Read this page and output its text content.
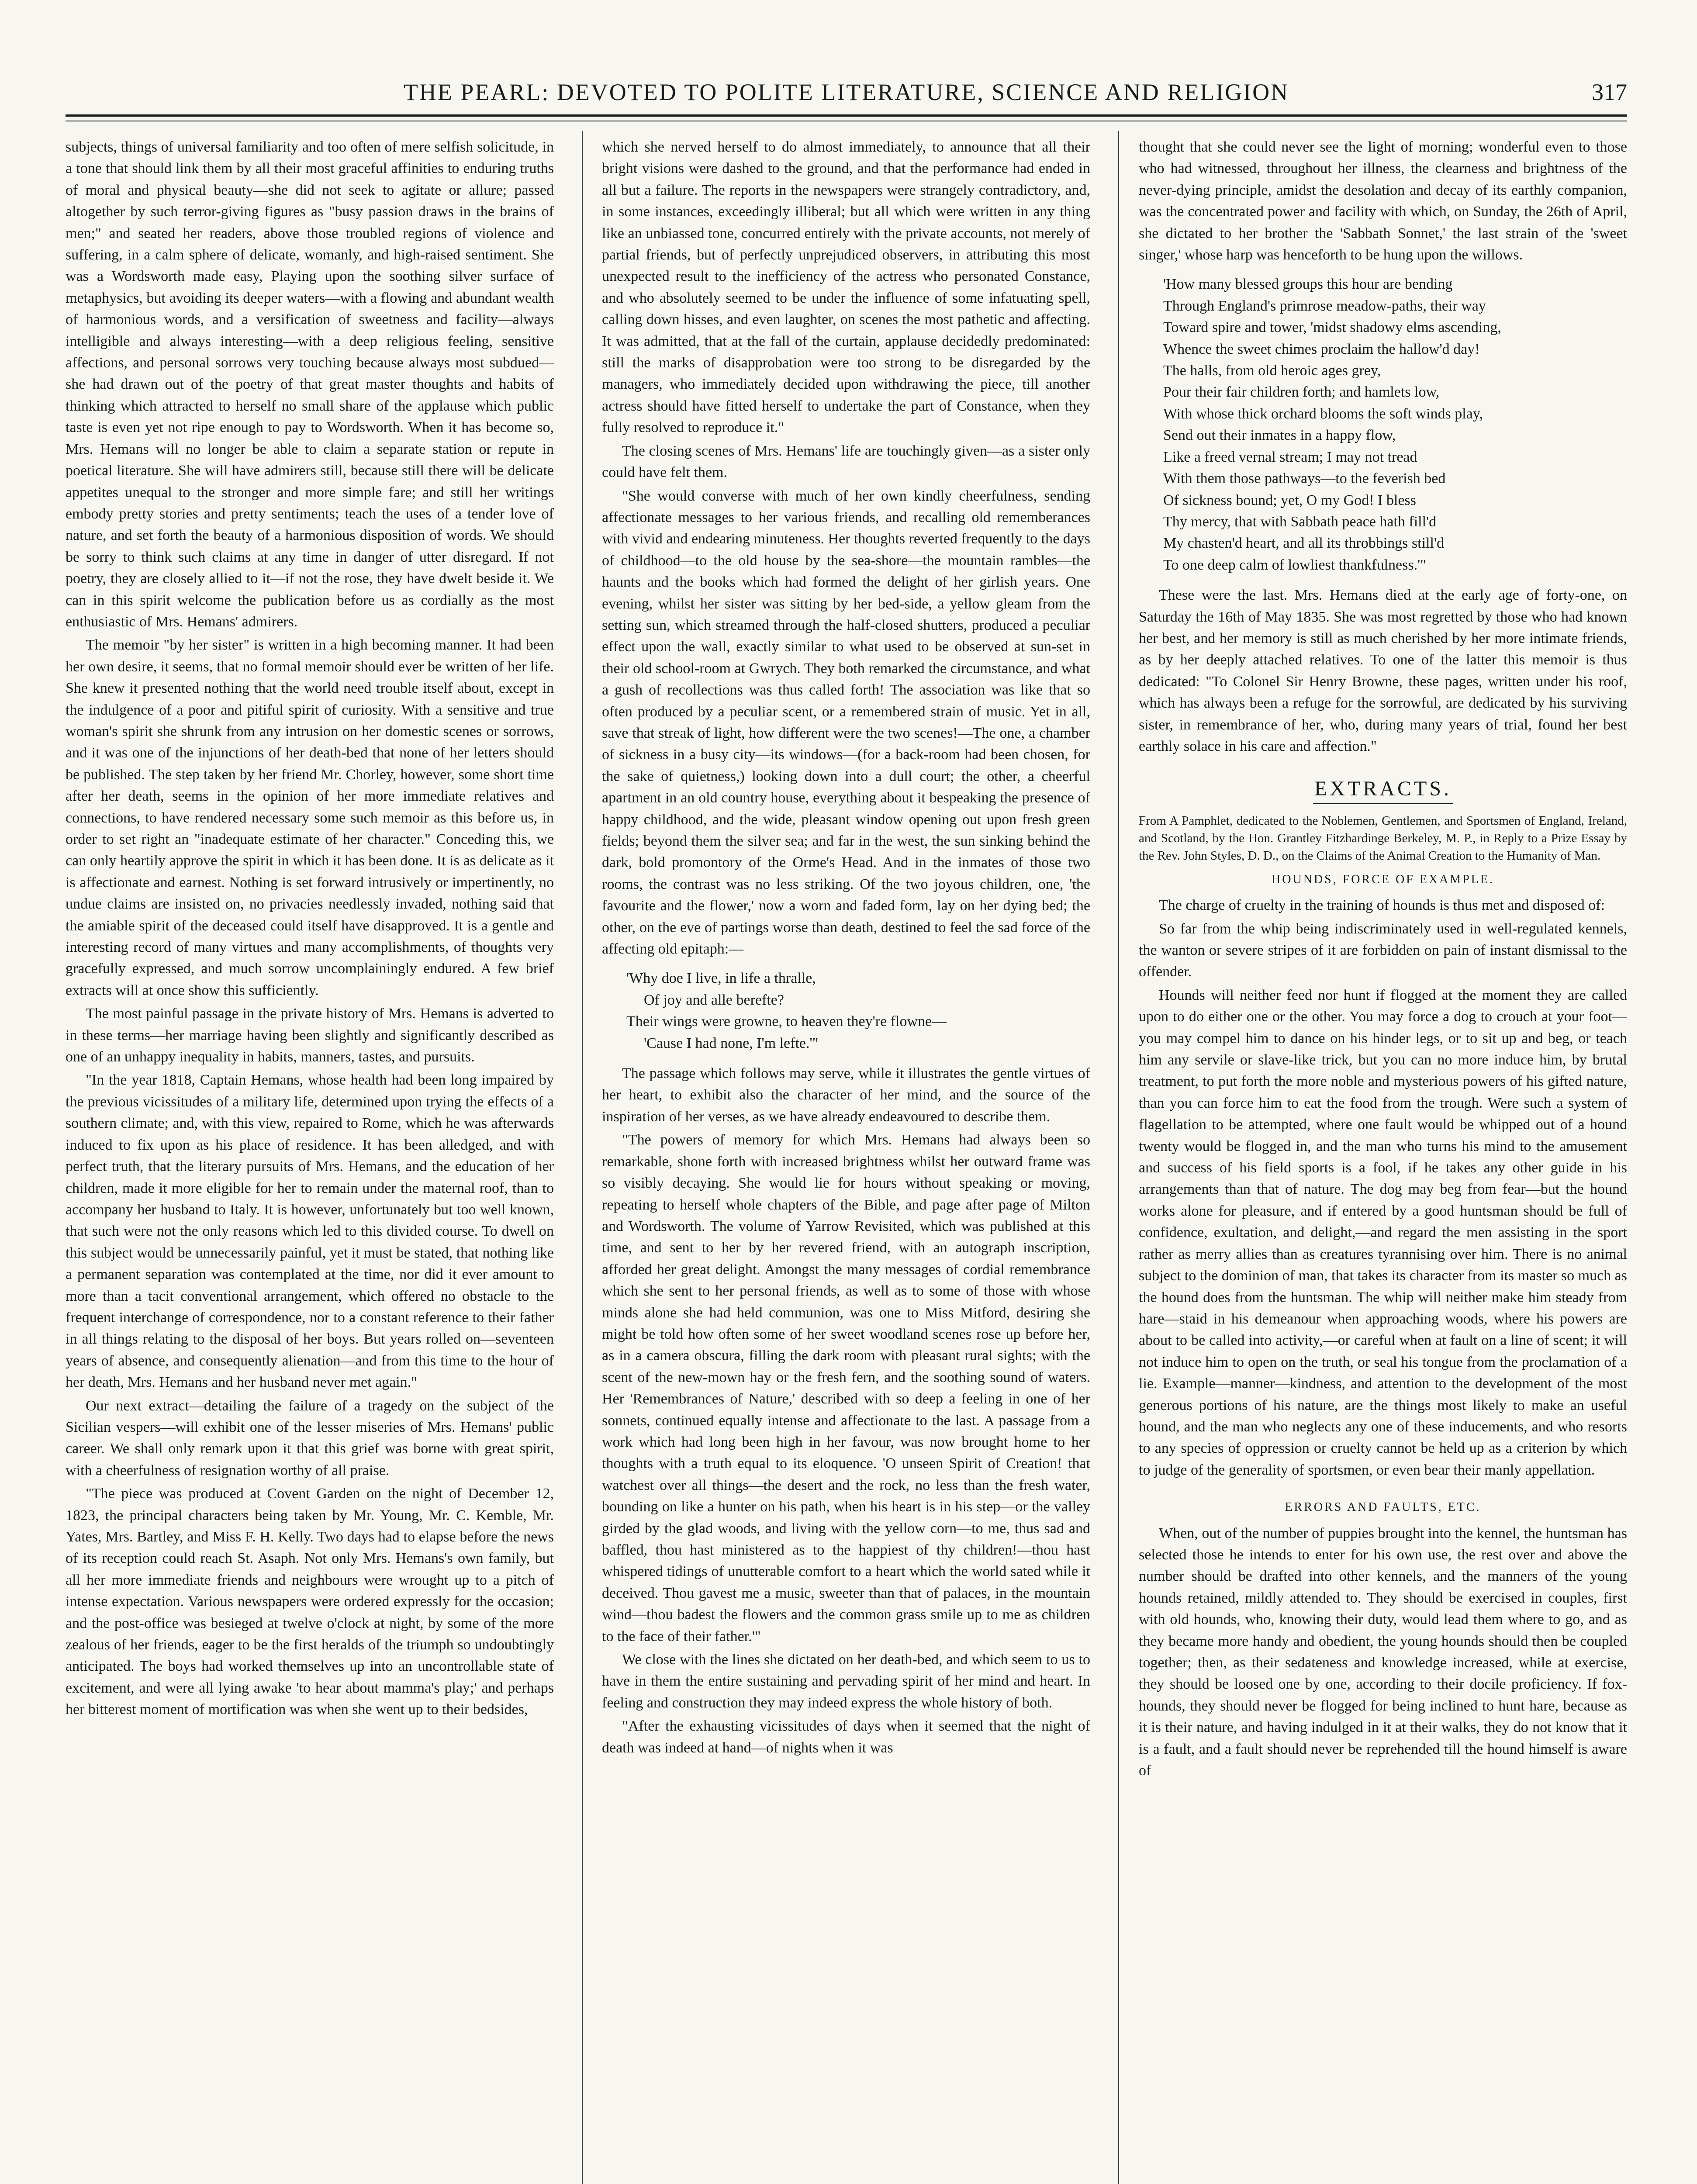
THE PEARL: DEVOTED TO POLITE LITERATURE, SCIENCE AND RELIGION	317

subjects, things of universal familiarity and too often of mere selfish solicitude, in a tone that should link them by all their most graceful affinities to enduring truths of moral and physical beauty—she did not seek to agitate or allure; passed altogether by such terror-giving figures as "busy passion draws in the brains of men;" and seated her readers, above those troubled regions of violence and suffering, in a calm sphere of delicate, womanly, and high-raised sentiment. She was a Wordsworth made easy, Playing upon the soothing silver surface of metaphysics, but avoiding its deeper waters—with a flowing and abundant wealth of harmonious words, and a versification of sweetness and facility—always intelligible and always interesting—with a deep religious feeling, sensitive affections, and personal sorrows very touching because always most subdued—she had drawn out of the poetry of that great master thoughts and habits of thinking which attracted to herself no small share of the applause which public taste is even yet not ripe enough to pay to Wordsworth. When it has become so, Mrs. Hemans will no longer be able to claim a separate station or repute in poetical literature. She will have admirers still, because still there will be delicate appetites unequal to the stronger and more simple fare; and still her writings embody pretty stories and pretty sentiments; teach the uses of a tender love of nature, and set forth the beauty of a harmonious disposition of words. We should be sorry to think such claims at any time in danger of utter disregard. If not poetry, they are closely allied to it—if not the rose, they have dwelt beside it. We can in this spirit welcome the publication before us as cordially as the most enthusiastic of Mrs. Hemans' admirers.

The memoir "by her sister" is written in a high becoming manner. It had been her own desire, it seems, that no formal memoir should ever be written of her life. She knew it presented nothing that the world need trouble itself about, except in the indulgence of a poor and pitiful spirit of curiosity. With a sensitive and true woman's spirit she shrunk from any intrusion on her domestic scenes or sorrows, and it was one of the injunctions of her death-bed that none of her letters should be published. The step taken by her friend Mr. Chorley, however, some short time after her death, seems in the opinion of her more immediate relatives and connections, to have rendered necessary some such memoir as this before us, in order to set right an "inadequate estimate of her character." Conceding this, we can only heartily approve the spirit in which it has been done. It is as delicate as it is affectionate and earnest. Nothing is set forward intrusively or impertinently, no undue claims are insisted on, no privacies needlessly invaded, nothing said that the amiable spirit of the deceased could itself have disapproved. It is a gentle and interesting record of many virtues and many accomplishments, of thoughts very gracefully expressed, and much sorrow uncomplainingly endured. A few brief extracts will at once show this sufficiently.

The most painful passage in the private history of Mrs. Hemans is adverted to in these terms—her marriage having been slightly and significantly described as one of an unhappy inequality in habits, manners, tastes, and pursuits.

"In the year 1818, Captain Hemans, whose health had been long impaired by the previous vicissitudes of a military life, determined upon trying the effects of a southern climate; and, with this view, repaired to Rome, which he was afterwards induced to fix upon as his place of residence. It has been alledged, and with perfect truth, that the literary pursuits of Mrs. Hemans, and the education of her children, made it more eligible for her to remain under the maternal roof, than to accompany her husband to Italy. It is however, unfortunately but too well known, that such were not the only reasons which led to this divided course. To dwell on this subject would be unnecessarily painful, yet it must be stated, that nothing like a permanent separation was contemplated at the time, nor did it ever amount to more than a tacit conventional arrangement, which offered no obstacle to the frequent interchange of correspondence, nor to a constant reference to their father in all things relating to the disposal of her boys. But years rolled on—seventeen years of absence, and consequently alienation—and from this time to the hour of her death, Mrs. Hemans and her husband never met again."

Our next extract—detailing the failure of a tragedy on the subject of the Sicilian vespers—will exhibit one of the lesser miseries of Mrs. Hemans' public career. We shall only remark upon it that this grief was borne with great spirit, with a cheerfulness of resignation worthy of all praise.

"The piece was produced at Covent Garden on the night of December 12, 1823, the principal characters being taken by Mr. Young, Mr. C. Kemble, Mr. Yates, Mrs. Bartley, and Miss F. H. Kelly. Two days had to elapse before the news of its reception could reach St. Asaph. Not only Mrs. Hemans's own family, but all her more immediate friends and neighbours were wrought up to a pitch of intense expectation. Various newspapers were ordered expressly for the occasion; and the post-office was besieged at twelve o'clock at night, by some of the more zealous of her friends, eager to be the first heralds of the triumph so undoubtingly anticipated. The boys had worked themselves up into an uncontrollable state of excitement, and were all lying awake 'to hear about mamma's play;' and perhaps her bitterest moment of mortification was when she went up to their bedsides,

which she nerved herself to do almost immediately, to announce that all their bright visions were dashed to the ground, and that the performance had ended in all but a failure. The reports in the newspapers were strangely contradictory, and, in some instances, exceedingly illiberal; but all which were written in any thing like an unbiassed tone, concurred entirely with the private accounts, not merely of partial friends, but of perfectly unprejudiced observers, in attributing this most unexpected result to the inefficiency of the actress who personated Constance, and who absolutely seemed to be under the influence of some infatuating spell, calling down hisses, and even laughter, on scenes the most pathetic and affecting. It was admitted, that at the fall of the curtain, applause decidedly predominated: still the marks of disapprobation were too strong to be disregarded by the managers, who immediately decided upon withdrawing the piece, till another actress should have fitted herself to undertake the part of Constance, when they fully resolved to reproduce it."

The closing scenes of Mrs. Hemans' life are touchingly given—as a sister only could have felt them.

"She would converse with much of her own kindly cheerfulness, sending affectionate messages to her various friends, and recalling old rememberances with vivid and endearing minuteness. Her thoughts reverted frequently to the days of childhood—to the old house by the sea-shore—the mountain rambles—the haunts and the books which had formed the delight of her girlish years. One evening, whilst her sister was sitting by her bed-side, a yellow gleam from the setting sun, which streamed through the half-closed shutters, produced a peculiar effect upon the wall, exactly similar to what used to be observed at sun-set in their old school-room at Gwrych. They both remarked the circumstance, and what a gush of recollections was thus called forth! The association was like that so often produced by a peculiar scent, or a remembered strain of music. Yet in all, save that streak of light, how different were the two scenes!—The one, a chamber of sickness in a busy city—its windows—(for a back-room had been chosen, for the sake of quietness,) looking down into a dull court; the other, a cheerful apartment in an old country house, everything about it bespeaking the presence of happy childhood, and the wide, pleasant window opening out upon fresh green fields; beyond them the silver sea; and far in the west, the sun sinking behind the dark, bold promontory of the Orme's Head. And in the inmates of those two rooms, the contrast was no less striking. Of the two joyous children, one, 'the favourite and the flower,' now a worn and faded form, lay on her dying bed; the other, on the eve of partings worse than death, destined to feel the sad force of the affecting old epitaph:—

'Why doe I live, in life a thralle,
Of joy and alle berefte?
Their wings were growne, to heaven they're flowne—
'Cause I had none, I'm lefte.'"

The passage which follows may serve, while it illustrates the gentle virtues of her heart, to exhibit also the character of her mind, and the source of the inspiration of her verses, as we have already endeavoured to describe them.

"The powers of memory for which Mrs. Hemans had always been so remarkable, shone forth with increased brightness whilst her outward frame was so visibly decaying. She would lie for hours without speaking or moving, repeating to herself whole chapters of the Bible, and page after page of Milton and Wordsworth. The volume of Yarrow Revisited, which was published at this time, and sent to her by her revered friend, with an autograph inscription, afforded her great delight. Amongst the many messages of cordial remembrance which she sent to her personal friends, as well as to some of those with whose minds alone she had held communion, was one to Miss Mitford, desiring she might be told how often some of her sweet woodland scenes rose up before her, as in a camera obscura, filling the dark room with pleasant rural sights; with the scent of the new-mown hay or the fresh fern, and the soothing sound of waters. Her 'Remembrances of Nature,' described with so deep a feeling in one of her sonnets, continued equally intense and affectionate to the last. A passage from a work which had long been high in her favour, was now brought home to her thoughts with a truth equal to its eloquence. 'O unseen Spirit of Creation! that watchest over all things—the desert and the rock, no less than the fresh water, bounding on like a hunter on his path, when his heart is in his step—or the valley girded by the glad woods, and living with the yellow corn—to me, thus sad and baffled, thou hast ministered as to the happiest of thy children!—thou hast whispered tidings of unutterable comfort to a heart which the world sated while it deceived. Thou gavest me a music, sweeter than that of palaces, in the mountain wind—thou badest the flowers and the common grass smile up to me as children to the face of their father.'"

We close with the lines she dictated on her death-bed, and which seem to us to have in them the entire sustaining and pervading spirit of her mind and heart. In feeling and construction they may indeed express the whole history of both.

"After the exhausting vicissitudes of days when it seemed that the night of death was indeed at hand—of nights when it was

thought that she could never see the light of morning; wonderful even to those who had witnessed, throughout her illness, the clearness and brightness of the never-dying principle, amidst the desolation and decay of its earthly companion, was the concentrated power and facility with which, on Sunday, the 26th of April, she dictated to her brother the 'Sabbath Sonnet,' the last strain of the 'sweet singer,' whose harp was henceforth to be hung upon the willows.

'How many blessed groups this hour are bending
Through England's primrose meadow-paths, their way
Toward spire and tower, 'midst shadowy elms ascending,
Whence the sweet chimes proclaim the hallow'd day!
The halls, from old heroic ages grey,
Pour their fair children forth; and hamlets low,
With whose thick orchard blooms the soft winds play,
Send out their inmates in a happy flow,
Like a freed vernal stream; I may not tread
With them those pathways—to the feverish bed
Of sickness bound; yet, O my God! I bless
Thy mercy, that with Sabbath peace hath fill'd
My chasten'd heart, and all its throbbings still'd
To one deep calm of lowliest thankfulness.'"

These were the last. Mrs. Hemans died at the early age of forty-one, on Saturday the 16th of May 1835. She was most regretted by those who had known her best, and her memory is still as much cherished by her more intimate friends, as by her deeply attached relatives. To one of the latter this memoir is thus dedicated: "To Colonel Sir Henry Browne, these pages, written under his roof, which has always been a refuge for the sorrowful, are dedicated by his surviving sister, in remembrance of her, who, during many years of trial, found her best earthly solace in his care and affection."

EXTRACTS.
From A Pamphlet, dedicated to the Noblemen, Gentlemen, and Sportsmen of England, Ireland, and Scotland, by the Hon. Grantley Fitzhardinge Berkeley, M. P., in Reply to a Prize Essay by the Rev. John Styles, D. D., on the Claims of the Animal Creation to the Humanity of Man.
HOUNDS, FORCE OF EXAMPLE.

The charge of cruelty in the training of hounds is thus met and disposed of:

So far from the whip being indiscriminately used in well-regulated kennels, the wanton or severe stripes of it are forbidden on pain of instant dismissal to the offender.

Hounds will neither feed nor hunt if flogged at the moment they are called upon to do either one or the other. You may force a dog to crouch at your foot—you may compel him to dance on his hinder legs, or to sit up and beg, or teach him any servile or slave-like trick, but you can no more induce him, by brutal treatment, to put forth the more noble and mysterious powers of his gifted nature, than you can force him to eat the food from the trough. Were such a system of flagellation to be attempted, where one fault would be whipped out of a hound twenty would be flogged in, and the man who turns his mind to the amusement and success of his field sports is a fool, if he takes any other guide in his arrangements than that of nature. The dog may beg from fear—but the hound works alone for pleasure, and if entered by a good huntsman should be full of confidence, exultation, and delight,—and regard the men assisting in the sport rather as merry allies than as creatures tyrannising over him. There is no animal subject to the dominion of man, that takes its character from its master so much as the hound does from the huntsman. The whip will neither make him steady from hare—staid in his demeanour when approaching woods, where his powers are about to be called into activity,—or careful when at fault on a line of scent; it will not induce him to open on the truth, or seal his tongue from the proclamation of a lie. Example—manner—kindness, and attention to the development of the most generous portions of his nature, are the things most likely to make an useful hound, and the man who neglects any one of these inducements, and who resorts to any species of oppression or cruelty cannot be held up as a criterion by which to judge of the generality of sportsmen, or even bear their manly appellation.

ERRORS AND FAULTS, ETC.

When, out of the number of puppies brought into the kennel, the huntsman has selected those he intends to enter for his own use, the rest over and above the number should be drafted into other kennels, and the manners of the young hounds retained, mildly attended to. They should be exercised in couples, first with old hounds, who, knowing their duty, would lead them where to go, and as they became more handy and obedient, the young hounds should then be coupled together; then, as their sedateness and knowledge increased, while at exercise, they should be loosed one by one, according to their docile proficiency. If fox-hounds, they should never be flogged for being inclined to hunt hare, because as it is their nature, and having indulged in it at their walks, they do not know that it is a fault, and a fault should never be reprehended till the hound himself is aware of
